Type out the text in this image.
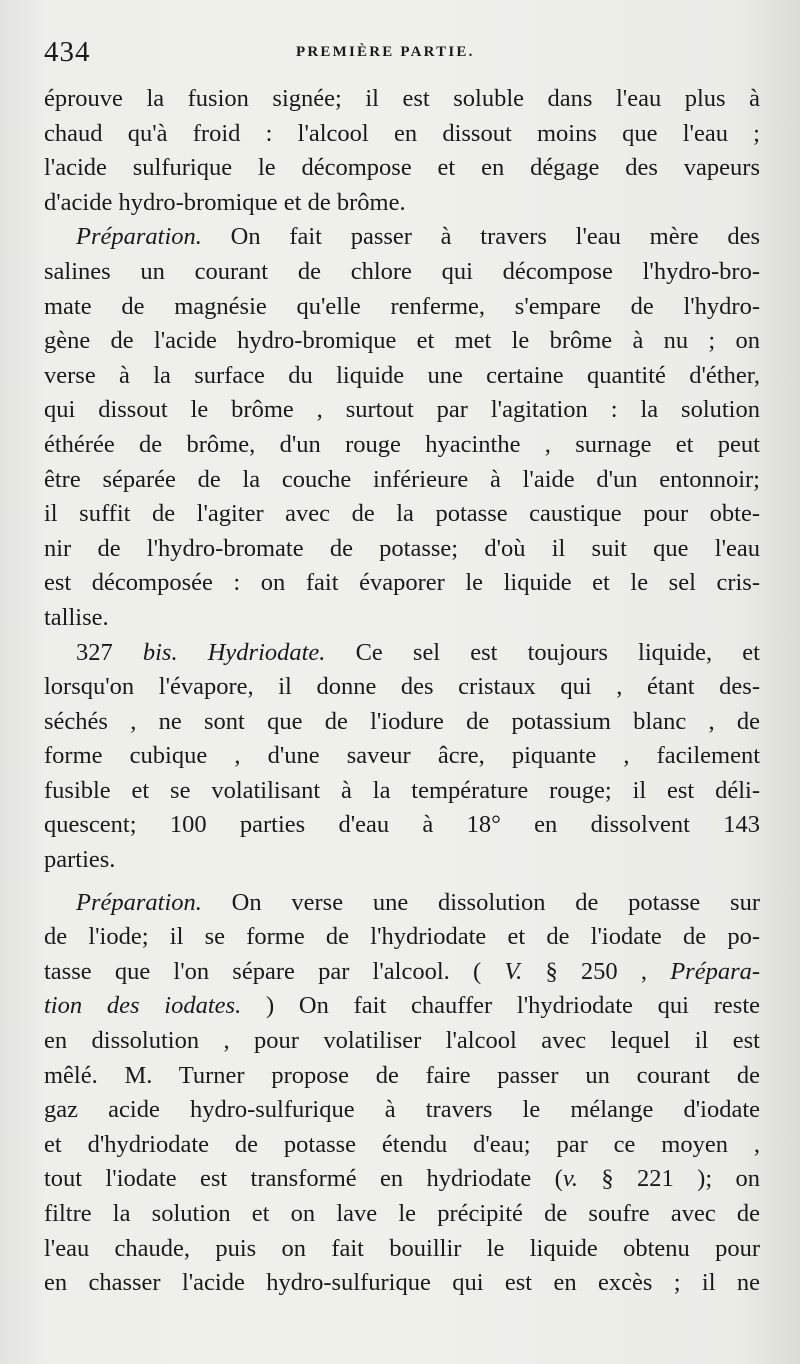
434	PREMIÈRE PARTIE.
éprouve la fusion signée; il est soluble dans l'eau plus à
chaud qu'à froid : l'alcool en dissout moins que l'eau ;
l'acide sulfurique le décompose et en dégage des vapeurs
d'acide hydro-bromique et de brôme.
Préparation. On fait passer à travers l'eau mère des
salines un courant de chlore qui décompose l'hydro-bro-
mate de magnésie qu'elle renferme, s'empare de l'hydro-
gène de l'acide hydro-bromique et met le brôme à nu ; on
verse à la surface du liquide une certaine quantité d'éther,
qui dissout le brôme , surtout par l'agitation : la solution
éthérée de brôme, d'un rouge hyacinthe , surnage et peut
être séparée de la couche inférieure à l'aide d'un entonnoir;
il suffit de l'agiter avec de la potasse caustique pour obte-
nir de l'hydro-bromate de potasse; d'où il suit que l'eau
est décomposée : on fait évaporer le liquide et le sel cris-
tallise.
327 bis. Hydriodate. Ce sel est toujours liquide, et
lorsqu'on l'évapore, il donne des cristaux qui , étant des-
séchés , ne sont que de l'iodure de potassium blanc , de
forme cubique , d'une saveur âcre, piquante , facilement
fusible et se volatilisant à la température rouge; il est déli-
quescent; 100 parties d'eau à 18° en dissolvent 143
parties.
Préparation. On verse une dissolution de potasse sur
de l'iode; il se forme de l'hydriodate et de l'iodate de po-
tasse que l'on sépare par l'alcool. ( V. § 250 , Prépara-
tion des iodates. ) On fait chauffer l'hydriodate qui reste
en dissolution , pour volatiliser l'alcool avec lequel il est
mêlé. M. Turner propose de faire passer un courant de
gaz acide hydro-sulfurique à travers le mélange d'iodate
et d'hydriodate de potasse étendu d'eau; par ce moyen ,
tout l'iodate est transformé en hydriodate (v. § 221 ); on
filtre la solution et on lave le précipité de soufre avec de
l'eau chaude, puis on fait bouillir le liquide obtenu pour
en chasser l'acide hydro-sulfurique qui est en excès ; il ne
